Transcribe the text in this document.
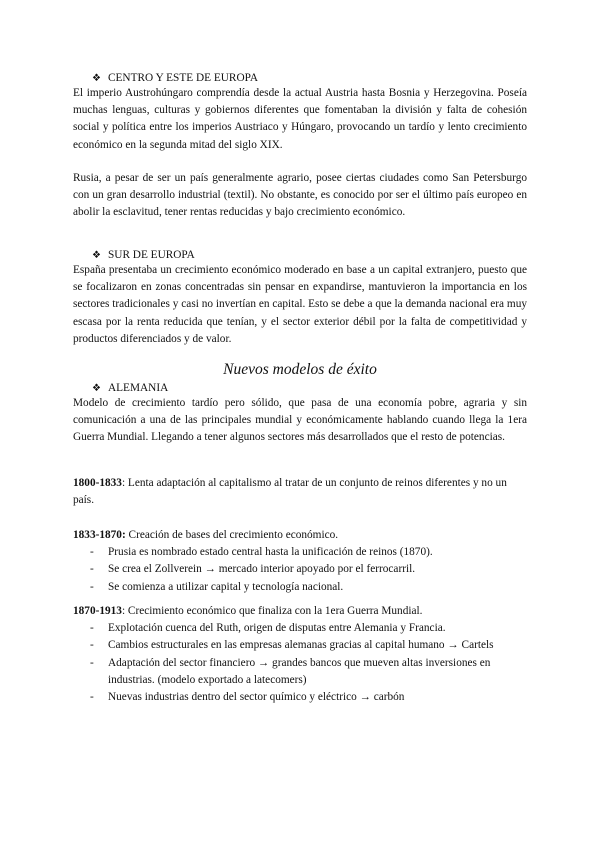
❖ CENTRO Y ESTE DE EUROPA

El imperio Austrohúngaro comprendía desde la actual Austria hasta Bosnia y Herzegovina. Poseía muchas lenguas, culturas y gobiernos diferentes que fomentaban la división y falta de cohesión social y política entre los imperios Austriaco y Húngaro, provocando un tardío y lento crecimiento económico en la segunda mitad del siglo XIX.

Rusia, a pesar de ser un país generalmente agrario, posee ciertas ciudades como San Petersburgo con un gran desarrollo industrial (textil). No obstante, es conocido por ser el último país europeo en abolir la esclavitud, tener rentas reducidas y bajo crecimiento económico.

❖ SUR DE EUROPA

España presentaba un crecimiento económico moderado en base a un capital extranjero, puesto que se focalizaron en zonas concentradas sin pensar en expandirse, mantuvieron la importancia en los sectores tradicionales y casi no invertían en capital. Esto se debe a que la demanda nacional era muy escasa por la renta reducida que tenían, y el sector exterior débil por la falta de competitividad y productos diferenciados y de valor.

Nuevos modelos de éxito
❖ ALEMANIA

Modelo de crecimiento tardío pero sólido, que pasa de una economía pobre, agraria y sin comunicación a una de las principales mundial y económicamente hablando cuando llega la 1era Guerra Mundial. Llegando a tener algunos sectores más desarrollados que el resto de potencias.

1800-1833: Lenta adaptación al capitalismo al tratar de un conjunto de reinos diferentes y no un país.

1833-1870: Creación de bases del crecimiento económico.

- Prusia es nombrado estado central hasta la unificación de reinos (1870).
- Se crea el Zollverein → mercado interior apoyado por el ferrocarril.
- Se comienza a utilizar capital y tecnología nacional.

1870-1913: Crecimiento económico que finaliza con la 1era Guerra Mundial.

- Explotación cuenca del Ruth, origen de disputas entre Alemania y Francia.
- Cambios estructurales en las empresas alemanas gracias al capital humano → Cartels
- Adaptación del sector financiero → grandes bancos que mueven altas inversiones en industrias. (modelo exportado a latecomers)
- Nuevas industrias dentro del sector químico y eléctrico → carbón
